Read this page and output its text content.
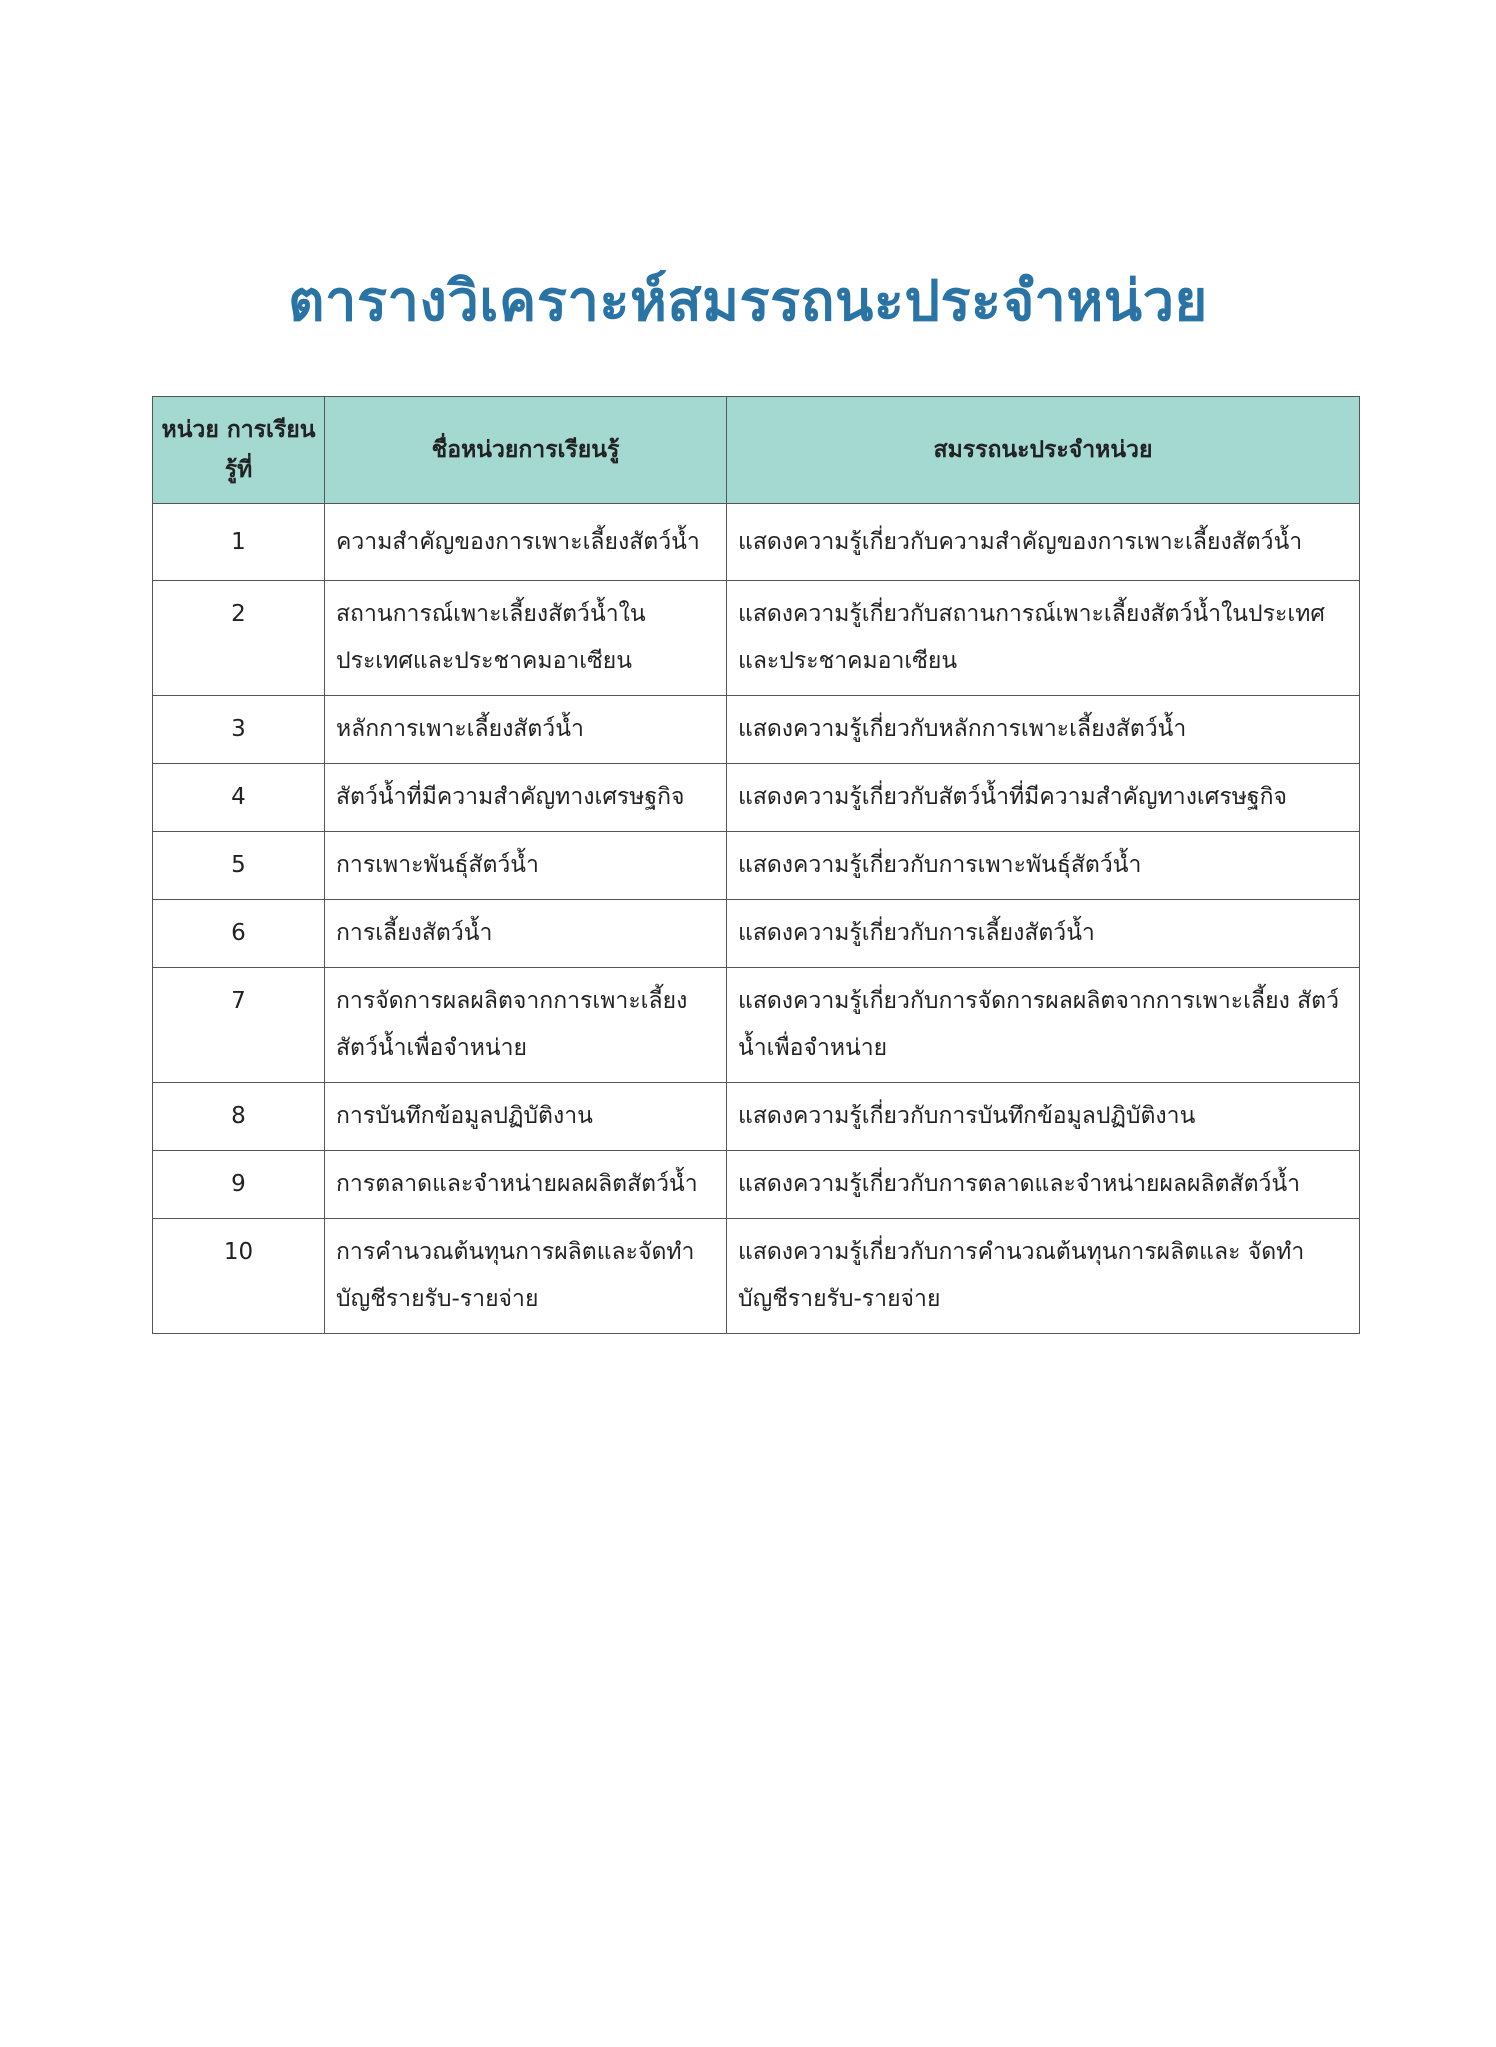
ตารางวิเคราะห์สมรรถนะประจำหน่วย
หน่วย การเรียนรู้ที่	ชื่อหน่วยการเรียนรู้	สมรรถนะประจำหน่วย
1	ความสำคัญของการเพาะเลี้ยงสัตว์น้ำ	แสดงความรู้เกี่ยวกับความสำคัญของการเพาะเลี้ยงสัตว์น้ำ
2	สถานการณ์เพาะเลี้ยงสัตว์น้ำใน ประเทศและประชาคมอาเซียน	แสดงความรู้เกี่ยวกับสถานการณ์เพาะเลี้ยงสัตว์น้ำในประเทศ และประชาคมอาเซียน
3	หลักการเพาะเลี้ยงสัตว์น้ำ	แสดงความรู้เกี่ยวกับหลักการเพาะเลี้ยงสัตว์น้ำ
4	สัตว์น้ำที่มีความสำคัญทางเศรษฐกิจ	แสดงความรู้เกี่ยวกับสัตว์น้ำที่มีความสำคัญทางเศรษฐกิจ
5	การเพาะพันธุ์สัตว์น้ำ	แสดงความรู้เกี่ยวกับการเพาะพันธุ์สัตว์น้ำ
6	การเลี้ยงสัตว์น้ำ	แสดงความรู้เกี่ยวกับการเลี้ยงสัตว์น้ำ
7	การจัดการผลผลิตจากการเพาะเลี้ยง สัตว์น้ำเพื่อจำหน่าย	แสดงความรู้เกี่ยวกับการจัดการผลผลิตจากการเพาะเลี้ยง สัตว์น้ำเพื่อจำหน่าย
8	การบันทึกข้อมูลปฏิบัติงาน	แสดงความรู้เกี่ยวกับการบันทึกข้อมูลปฏิบัติงาน
9	การตลาดและจำหน่ายผลผลิตสัตว์น้ำ	แสดงความรู้เกี่ยวกับการตลาดและจำหน่ายผลผลิตสัตว์น้ำ
10	การคำนวณต้นทุนการผลิตและจัดทำ บัญชีรายรับ-รายจ่าย	แสดงความรู้เกี่ยวกับการคำนวณต้นทุนการผลิตและ จัดทำบัญชีรายรับ-รายจ่าย
